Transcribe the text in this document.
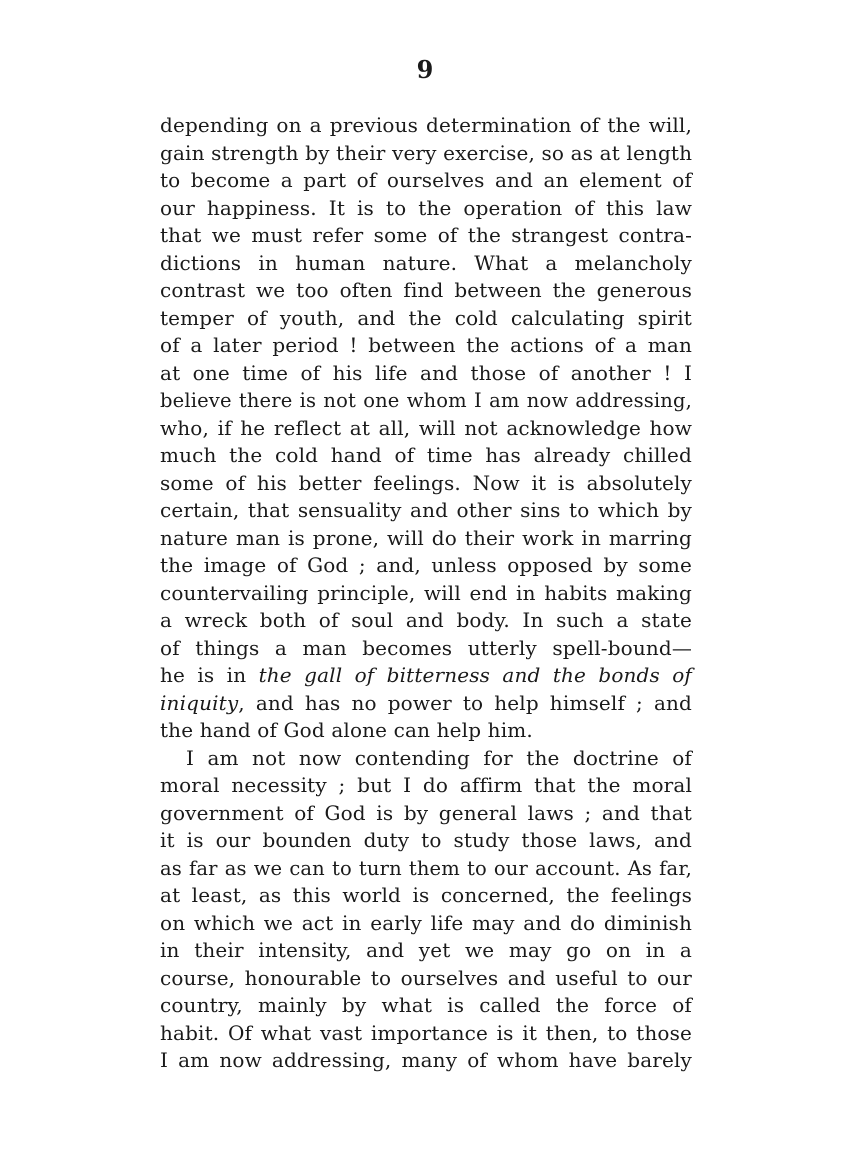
9
depending on a previous determination of the will,
gain strength by their very exercise, so as at length
to become a part of ourselves and an element of
our happiness. It is to the operation of this law
that we must refer some of the strangest contra-
dictions in human nature. What a melancholy
contrast we too often find between the generous
temper of youth, and the cold calculating spirit
of a later period ! between the actions of a man
at one time of his life and those of another ! I
believe there is not one whom I am now addressing,
who, if he reflect at all, will not acknowledge how
much the cold hand of time has already chilled
some of his better feelings. Now it is absolutely
certain, that sensuality and other sins to which by
nature man is prone, will do their work in marring
the image of God ; and, unless opposed by some
countervailing principle, will end in habits making
a wreck both of soul and body. In such a state
of things a man becomes utterly spell-bound—
he is in the gall of bitterness and the bonds of
iniquity, and has no power to help himself ; and
the hand of God alone can help him.
I am not now contending for the doctrine of
moral necessity ; but I do affirm that the moral
government of God is by general laws ; and that
it is our bounden duty to study those laws, and
as far as we can to turn them to our account. As far,
at least, as this world is concerned, the feelings
on which we act in early life may and do diminish
in their intensity, and yet we may go on in a
course, honourable to ourselves and useful to our
country, mainly by what is called the force of
habit. Of what vast importance is it then, to those
I am now addressing, many of whom have barely
